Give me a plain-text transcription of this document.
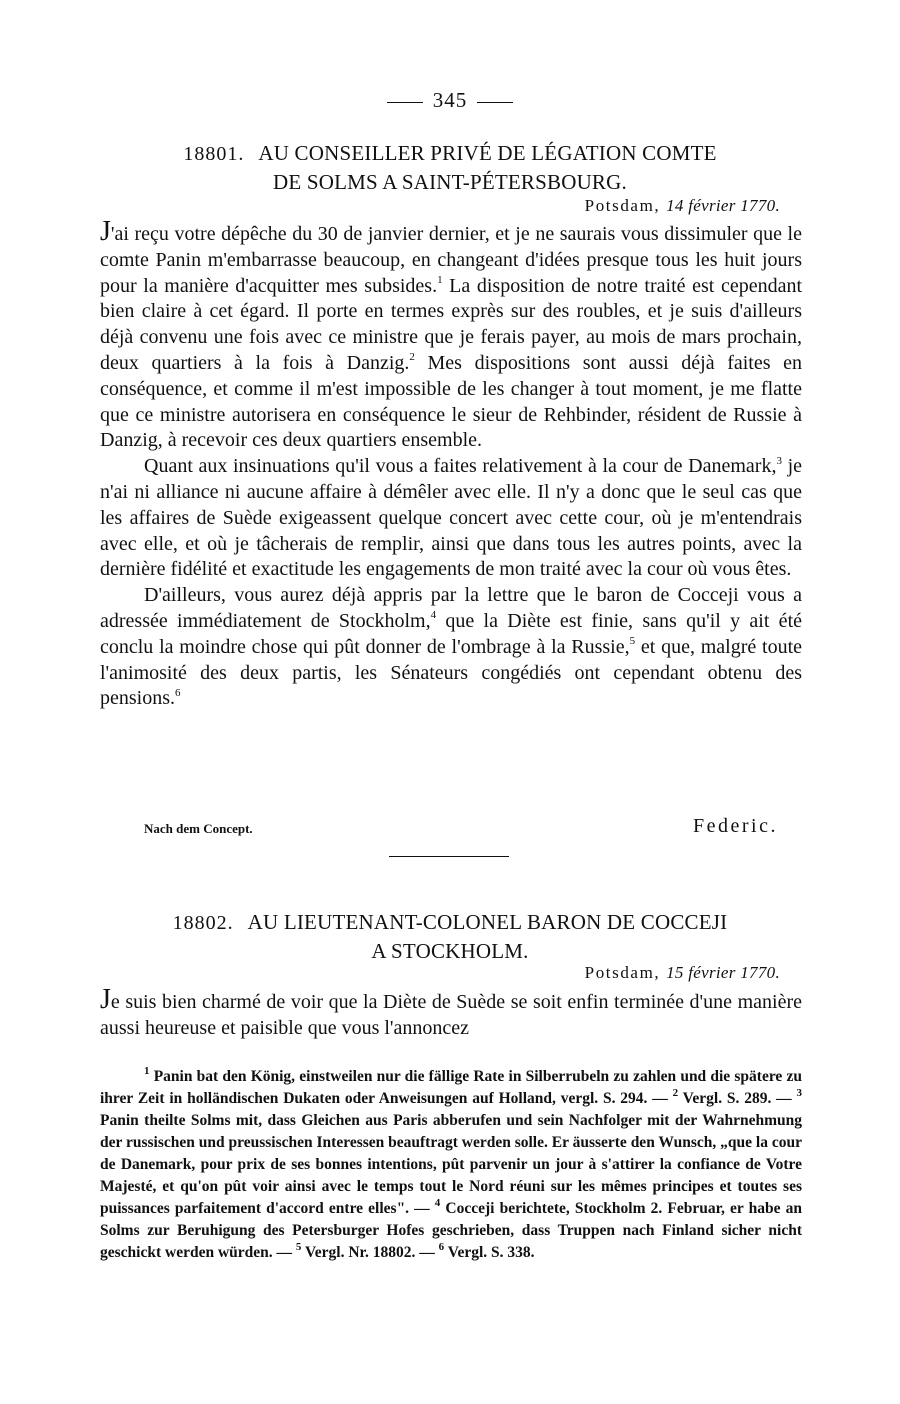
345
18801. AU CONSEILLER PRIVÉ DE LÉGATION COMTE
DE SOLMS A SAINT-PÉTERSBOURG.
Potsdam, 14 février 1770.

J'ai reçu votre dépêche du 30 de janvier dernier, et je ne saurais vous dissimuler que le comte Panin m'embarrasse beaucoup, en changeant d'idées presque tous les huit jours pour la manière d'acquitter mes subsides.$^1$ La disposition de notre traité est cependant bien claire à cet égard. Il porte en termes exprès sur des roubles, et je suis d'ailleurs déjà convenu une fois avec ce ministre que je ferais payer, au mois de mars prochain, deux quartiers à la fois à Danzig.$^2$ Mes dispositions sont aussi déjà faites en conséquence, et comme il m'est impossible de les changer à tout moment, je me flatte que ce ministre autorisera en conséquence le sieur de Rehbinder, résident de Russie à Danzig, à recevoir ces deux quartiers ensemble.

Quant aux insinuations qu'il vous a faites relativement à la cour de Danemark,$^3$ je n'ai ni alliance ni aucune affaire à démêler avec elle. Il n'y a donc que le seul cas que les affaires de Suède exigeassent quelque concert avec cette cour, où je m'entendrais avec elle, et où je tâcherais de remplir, ainsi que dans tous les autres points, avec la dernière fidélité et exactitude les engagements de mon traité avec la cour où vous êtes.

D'ailleurs, vous aurez déjà appris par la lettre que le baron de Cocceji vous a adressée immédiatement de Stockholm,$^4$ que la Diète est finie, sans qu'il y ait été conclu la moindre chose qui pût donner de l'ombrage à la Russie,$^5$ et que, malgré toute l'animosité des deux partis, les Sénateurs congédiés ont cependant obtenu des pensions.$^6$

Nach dem Concept.	Federic.
18802. AU LIEUTENANT-COLONEL BARON DE COCCEJI
A STOCKHOLM.
Potsdam, 15 février 1770.

Je suis bien charmé de voir que la Diète de Suède se soit enfin terminée d'une manière aussi heureuse et paisible que vous l'annoncez

$^1$ Panin bat den König, einstweilen nur die fällige Rate in Silberrubeln zu zahlen und die spätere zu ihrer Zeit in holländischen Dukaten oder Anweisungen auf Holland, vergl. S. 294. — $^2$ Vergl. S. 289. — $^3$ Panin theilte Solms mit, dass Gleichen aus Paris abberufen und sein Nachfolger mit der Wahrnehmung der russischen und preussischen Interessen beauftragt werden solle. Er äusserte den Wunsch, „que la cour de Danemark, pour prix de ses bonnes intentions, pût parvenir un jour à s'attirer la confiance de Votre Majesté, et qu'on pût voir ainsi avec le temps tout le Nord réuni sur les mêmes principes et toutes ses puissances parfaitement d'accord entre elles". — $^4$ Cocceji berichtete, Stockholm 2. Februar, er habe an Solms zur Beruhigung des Petersburger Hofes geschrieben, dass Truppen nach Finland sicher nicht geschickt werden würden. — $^5$ Vergl. Nr. 18802. — $^6$ Vergl. S. 338.
